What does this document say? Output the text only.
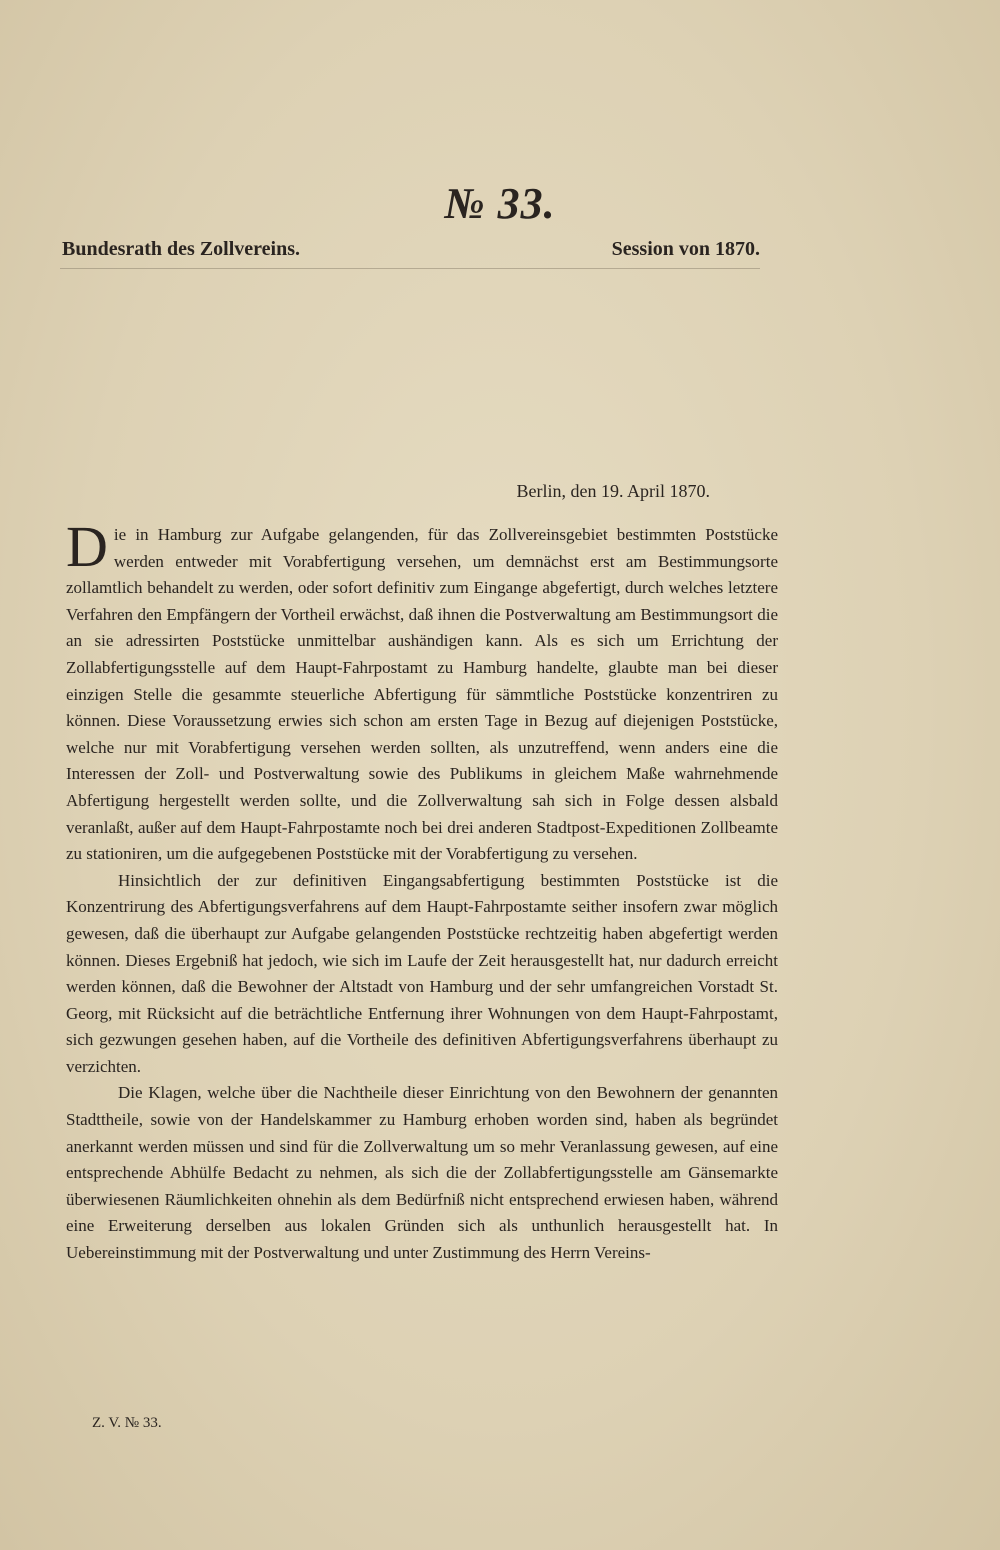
№ 33.
Bundesrath des Zollvereins.	Session von 1870.
Berlin, den 19. April 1870.

Die in Hamburg zur Aufgabe gelangenden, für das Zollvereinsgebiet bestimmten Poststücke werden entweder mit Vorabfertigung versehen, um demnächst erst am Bestimmungsorte zollamtlich behandelt zu werden, oder sofort definitiv zum Eingange abgefertigt, durch welches letztere Verfahren den Empfängern der Vortheil erwächst, daß ihnen die Postverwaltung am Bestimmungsort die an sie adressirten Poststücke unmittelbar aushändigen kann. Als es sich um Errichtung der Zollabfertigungsstelle auf dem Haupt-Fahrpostamt zu Hamburg handelte, glaubte man bei dieser einzigen Stelle die gesammte steuerliche Abfertigung für sämmtliche Poststücke konzentriren zu können. Diese Voraussetzung erwies sich schon am ersten Tage in Bezug auf diejenigen Poststücke, welche nur mit Vorabfertigung versehen werden sollten, als unzutreffend, wenn anders eine die Interessen der Zoll- und Postverwaltung sowie des Publikums in gleichem Maße wahrnehmende Abfertigung hergestellt werden sollte, und die Zollverwaltung sah sich in Folge dessen alsbald veranlaßt, außer auf dem Haupt-Fahrpostamte noch bei drei anderen Stadtpost-Expeditionen Zollbeamte zu stationiren, um die aufgegebenen Poststücke mit der Vorabfertigung zu versehen.

Hinsichtlich der zur definitiven Eingangsabfertigung bestimmten Poststücke ist die Konzentrirung des Abfertigungsverfahrens auf dem Haupt-Fahrpostamte seither insofern zwar möglich gewesen, daß die überhaupt zur Aufgabe gelangenden Poststücke rechtzeitig haben abgefertigt werden können. Dieses Ergebniß hat jedoch, wie sich im Laufe der Zeit herausgestellt hat, nur dadurch erreicht werden können, daß die Bewohner der Altstadt von Hamburg und der sehr umfangreichen Vorstadt St. Georg, mit Rücksicht auf die beträchtliche Entfernung ihrer Wohnungen von dem Haupt-Fahrpostamt, sich gezwungen gesehen haben, auf die Vortheile des definitiven Abfertigungsverfahrens überhaupt zu verzichten.

Die Klagen, welche über die Nachtheile dieser Einrichtung von den Bewohnern der genannten Stadttheile, sowie von der Handelskammer zu Hamburg erhoben worden sind, haben als begründet anerkannt werden müssen und sind für die Zollverwaltung um so mehr Veranlassung gewesen, auf eine entsprechende Abhülfe Bedacht zu nehmen, als sich die der Zollabfertigungsstelle am Gänsemarkte überwiesenen Räumlichkeiten ohnehin als dem Bedürfniß nicht entsprechend erwiesen haben, während eine Erweiterung derselben aus lokalen Gründen sich als unthunlich herausgestellt hat. In Uebereinstimmung mit der Postverwaltung und unter Zustimmung des Herrn Vereins-

Z. V. № 33.
